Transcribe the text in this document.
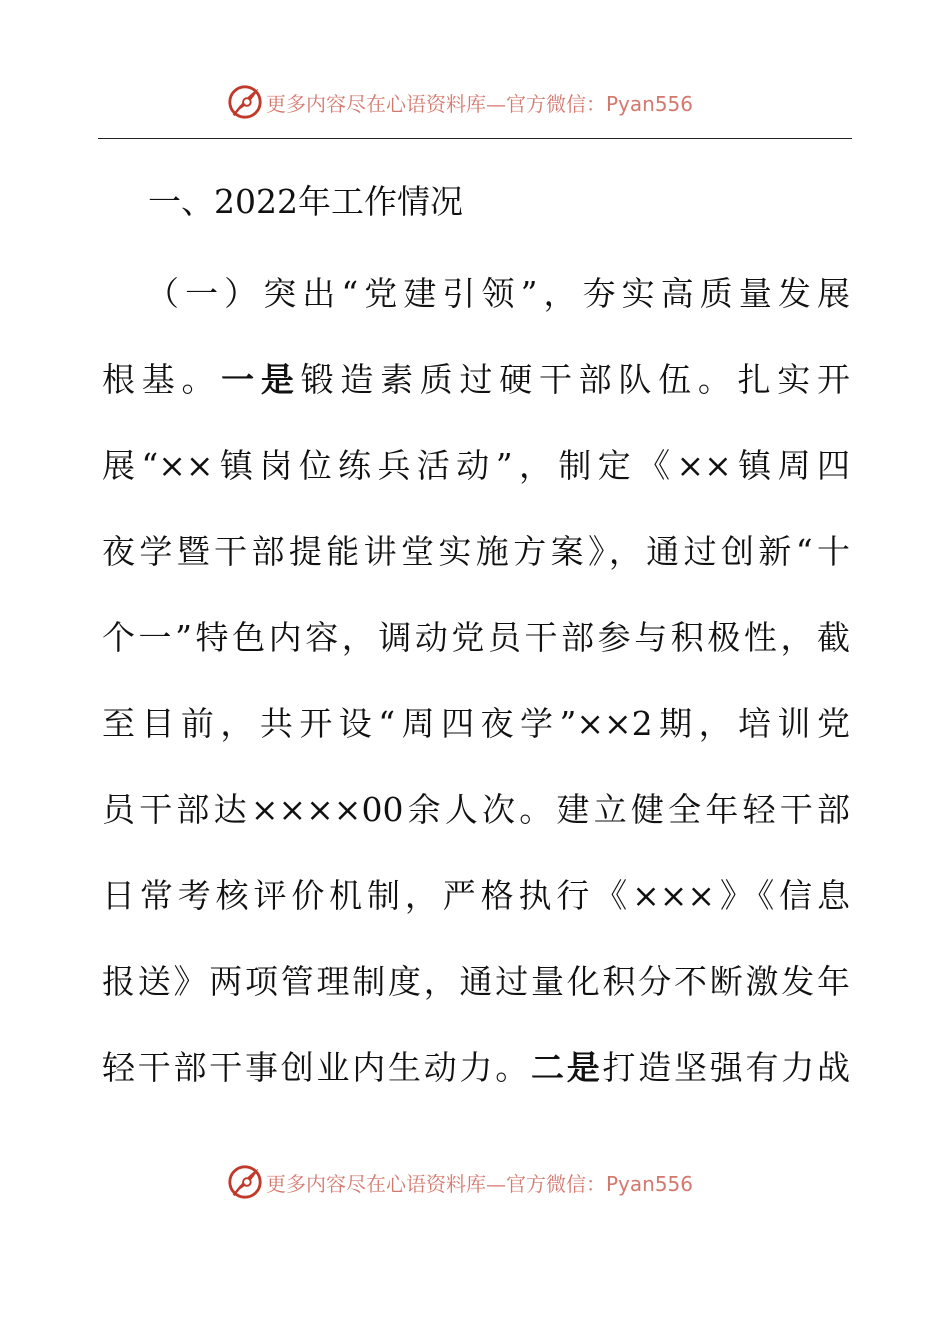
更多内容尽在心语资料库—官方微信：Pyan556
一、2022年工作情况
（一）突出“党建引领”，夯实高质量发展
根基。一是锻造素质过硬干部队伍。扎实开
展“××镇岗位练兵活动”，制定《××镇周四
夜学暨干部提能讲堂实施方案》，通过创新“十
个一”特色内容，调动党员干部参与积极性，截
至目前，共开设“周四夜学”××2期，培训党
员干部达××××00余人次。建立健全年轻干部
日常考核评价机制，严格执行《×××》《信息
报送》两项管理制度，通过量化积分不断激发年
轻干部干事创业内生动力。二是打造坚强有力战
更多内容尽在心语资料库—官方微信：Pyan556
